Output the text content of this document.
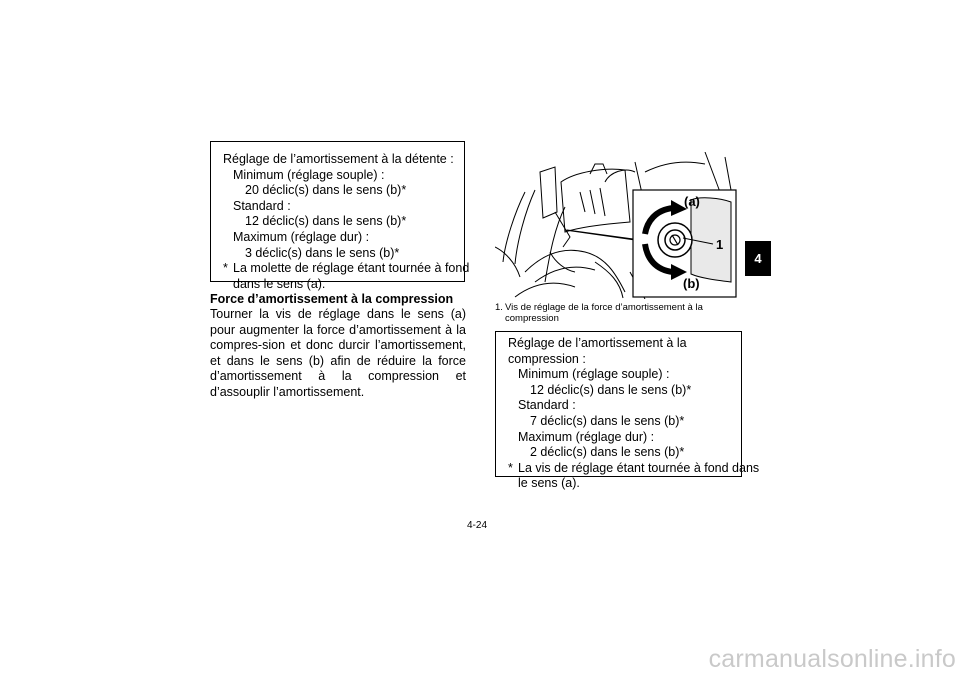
Réglage de l’amortissement à la détente :
Minimum (réglage souple) :
20 déclic(s) dans le sens (b)*
Standard :
12 déclic(s) dans le sens (b)*
Maximum (réglage dur) :
3 déclic(s) dans le sens (b)*
* La molette de réglage étant tournée à fond
dans le sens (a).
Force d’amortissement à la compression
Tourner la vis de réglage dans le sens (a) pour augmenter la force d’amortissement à la compres-sion et donc durcir l’amortissement, et dans le sens (b) afin de réduire la force d’amortissement à la compression et d’assouplir l’amortissement.
(a)
1
(b)
1. Vis de réglage de la force d’amortissement à la
compression
Réglage de l’amortissement à la
compression :
Minimum (réglage souple) :
12 déclic(s) dans le sens (b)*
Standard :
7 déclic(s) dans le sens (b)*
Maximum (réglage dur) :
2 déclic(s) dans le sens (b)*
* La vis de réglage étant tournée à fond dans
le sens (a).
4-24
4
carmanualsonline.info
